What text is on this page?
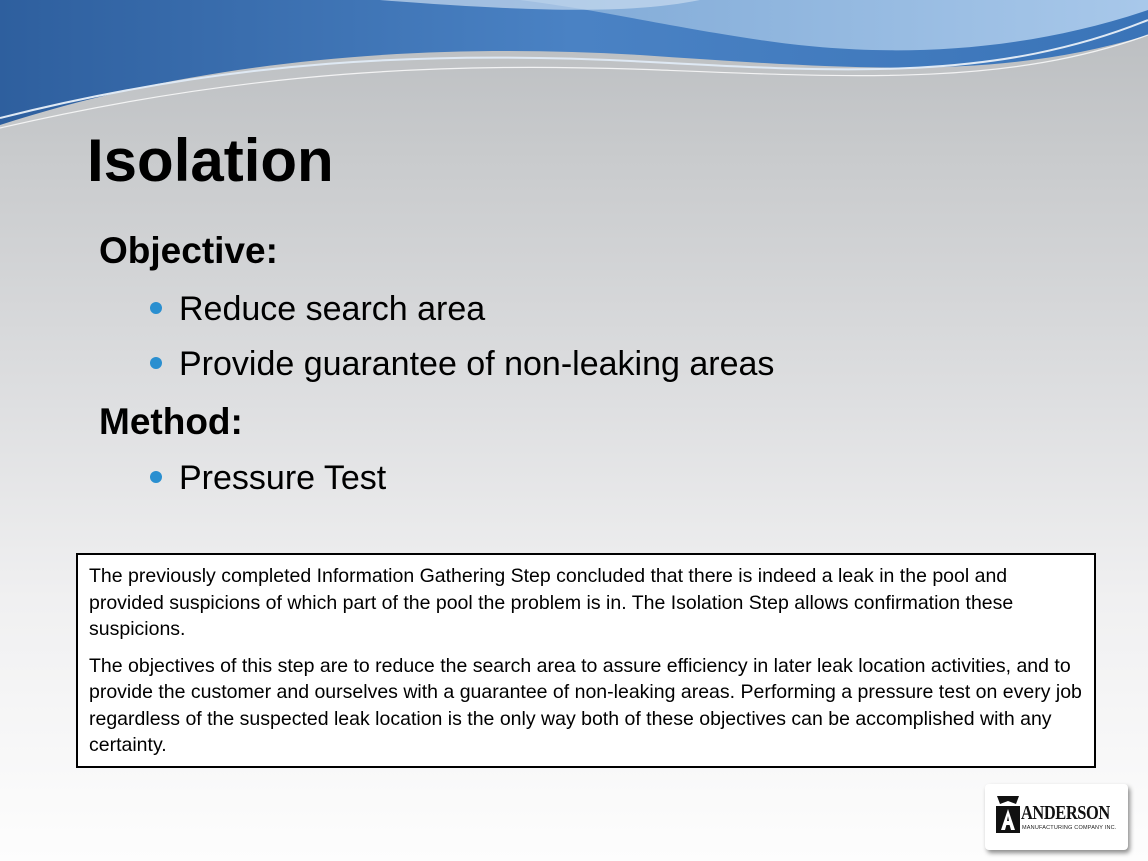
Isolation
Objective:
Reduce search area
Provide guarantee of non-leaking areas
Method:
Pressure Test

The previously completed Information Gathering Step concluded that there is indeed a leak in the pool and provided suspicions of which part of the pool the problem is in. The Isolation Step allows confirmation these suspicions.

The objectives of this step are to reduce the search area to assure efficiency in later leak location activities, and to provide the customer and ourselves with a guarantee of non-leaking areas. Performing a pressure test on every job regardless of the suspected leak location is the only way both of these objectives can be accomplished with any certainty.

ANDERSON
MANUFACTURING COMPANY INC.
